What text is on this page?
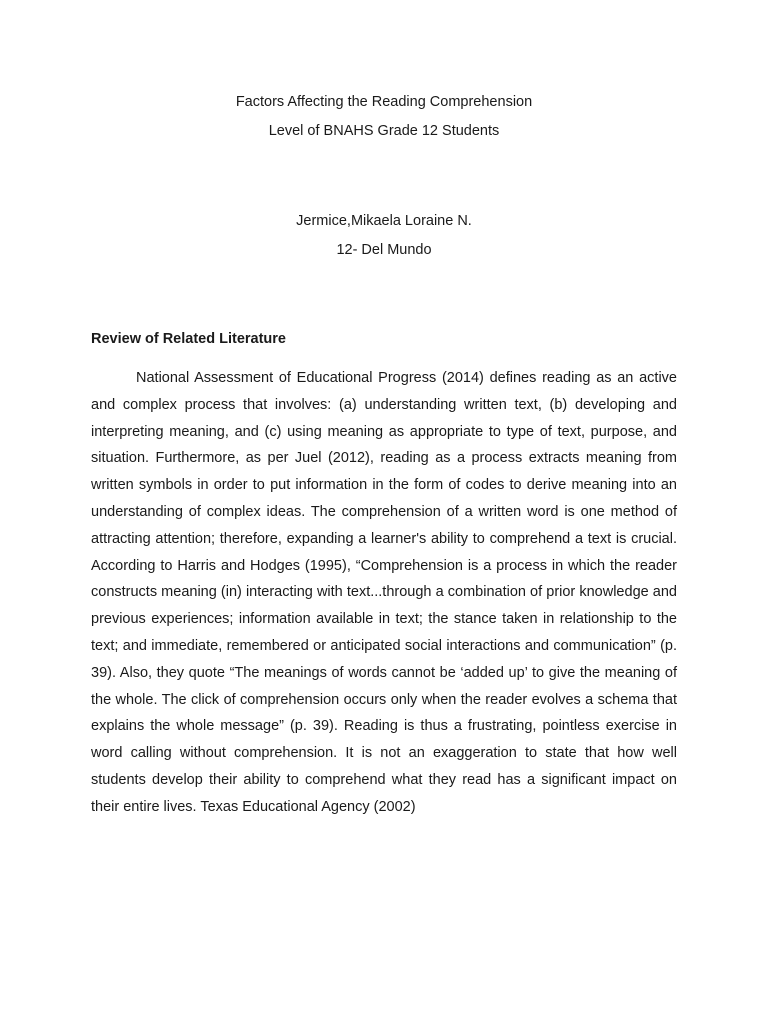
Factors Affecting the Reading Comprehension

Level of BNAHS Grade 12 Students

Jermice,Mikaela Loraine N.

12- Del Mundo

Review of Related Literature

National Assessment of Educational Progress (2014) defines reading as an active and complex process that involves: (a) understanding written text, (b) developing and interpreting meaning, and (c) using meaning as appropriate to type of text, purpose, and situation. Furthermore, as per Juel (2012), reading as a process extracts meaning from written symbols in order to put information in the form of codes to derive meaning into an understanding of complex ideas. The comprehension of a written word is one method of attracting attention; therefore, expanding a learner's ability to comprehend a text is crucial. According to Harris and Hodges (1995), “Comprehension is a process in which the reader constructs meaning (in) interacting with text...through a combination of prior knowledge and previous experiences; information available in text; the stance taken in relationship to the text; and immediate, remembered or anticipated social interactions and communication” (p. 39). Also, they quote “The meanings of words cannot be ‘added up’ to give the meaning of the whole. The click of comprehension occurs only when the reader evolves a schema that explains the whole message” (p. 39). Reading is thus a frustrating, pointless exercise in word calling without comprehension. It is not an exaggeration to state that how well students develop their ability to comprehend what they read has a significant impact on their entire lives. Texas Educational Agency (2002)
